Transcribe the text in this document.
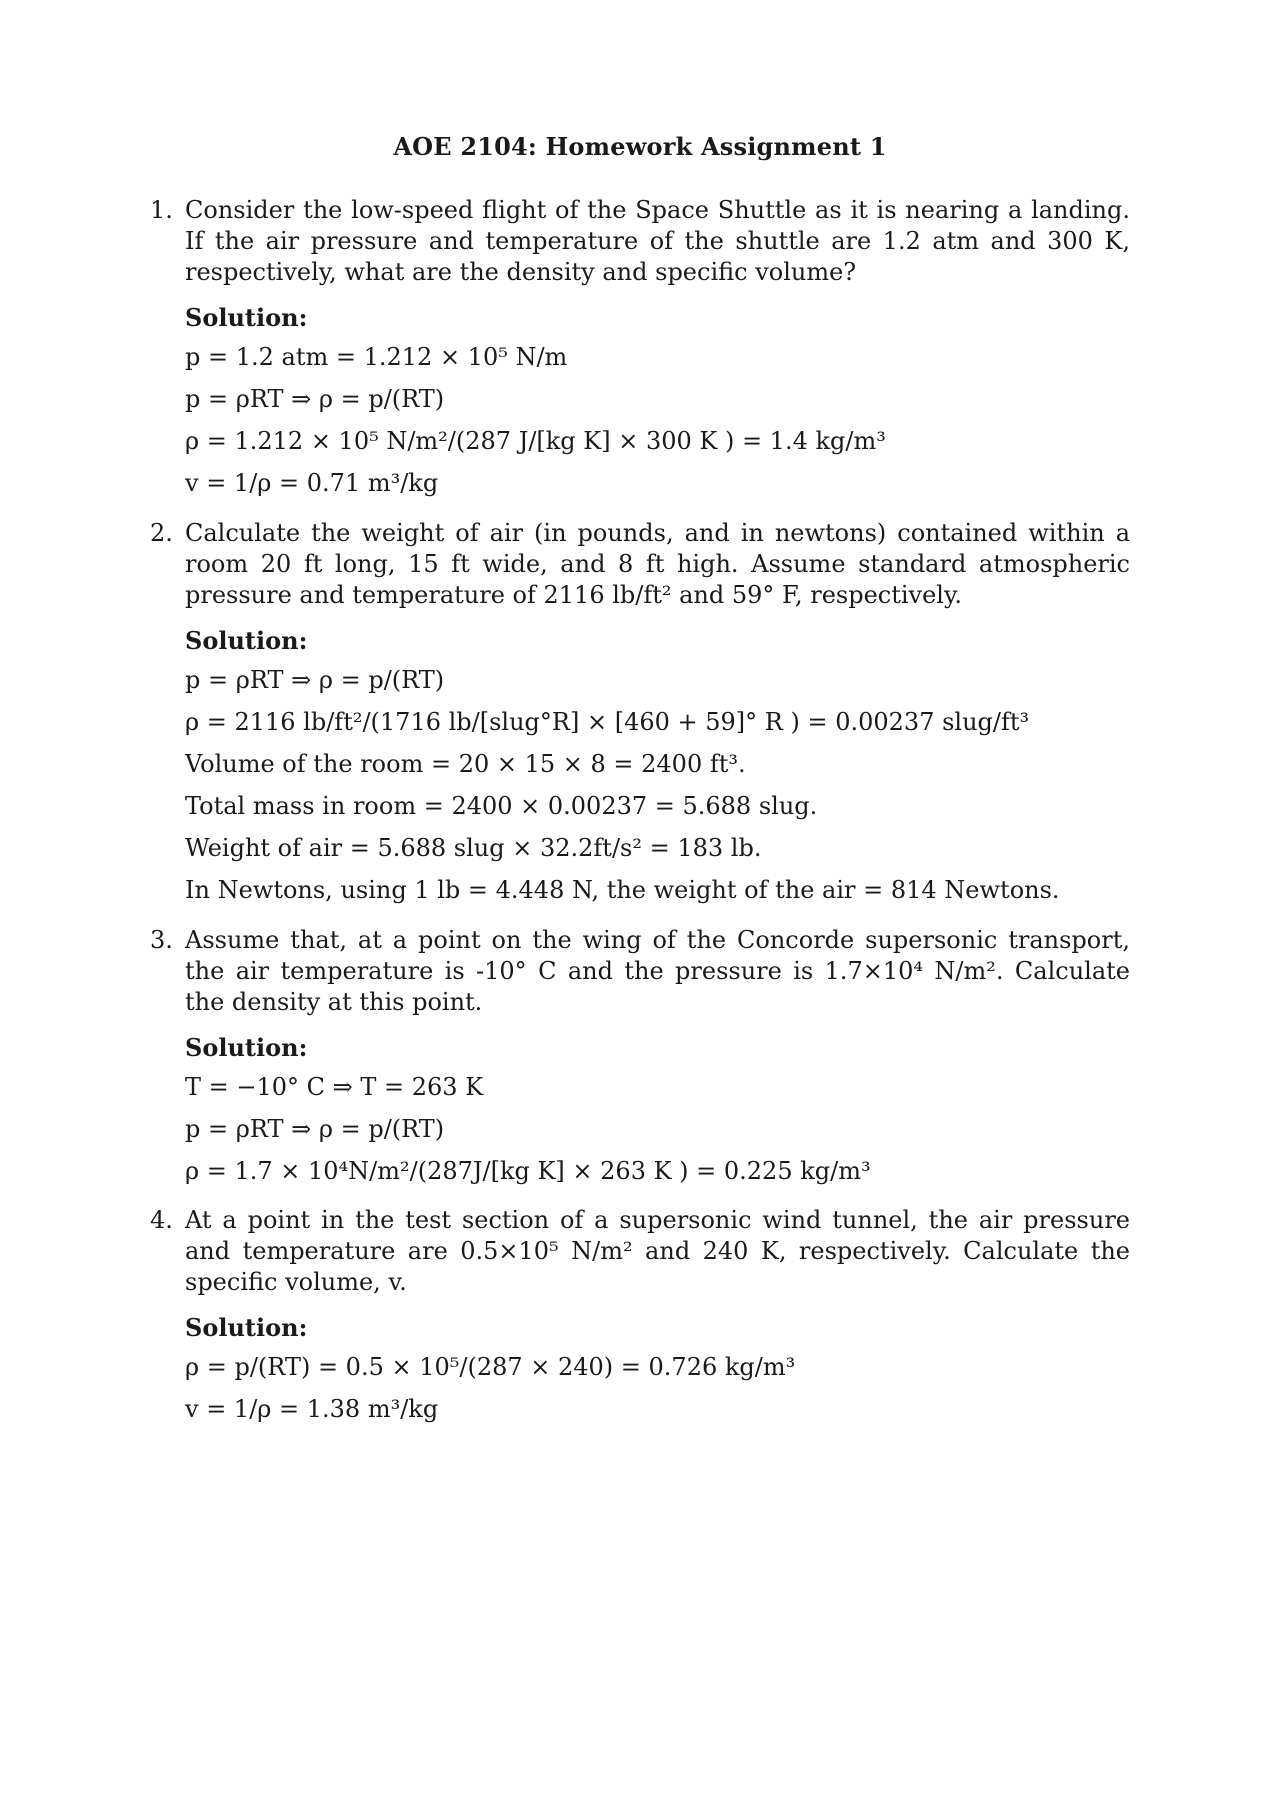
AOE 2104: Homework Assignment 1
1. Consider the low-speed flight of the Space Shuttle as it is nearing a landing. If the air pressure and temperature of the shuttle are 1.2 atm and 300 K, respectively, what are the density and specific volume?

Solution:
p = 1.2 atm = 1.212 × 10⁵ N/m
p = ρRT ⇒ ρ = p/(RT)
ρ = 1.212 × 10⁵ N/m²/(287 J/[kg K] × 300 K ) = 1.4 kg/m³
v = 1/ρ = 0.71 m³/kg
2. Calculate the weight of air (in pounds, and in newtons) contained within a room 20 ft long, 15 ft wide, and 8 ft high. Assume standard atmospheric pressure and temperature of 2116 lb/ft² and 59° F, respectively.

Solution:
p = ρRT ⇒ ρ = p/(RT)
ρ = 2116 lb/ft²/(1716 lb/[slug°R] × [460 + 59]° R ) = 0.00237 slug/ft³
Volume of the room = 20 × 15 × 8 = 2400 ft³.
Total mass in room = 2400 × 0.00237 = 5.688 slug.
Weight of air = 5.688 slug × 32.2ft/s² = 183 lb.
In Newtons, using 1 lb = 4.448 N, the weight of the air = 814 Newtons.
3. Assume that, at a point on the wing of the Concorde supersonic transport, the air temperature is -10° C and the pressure is 1.7×10⁴ N/m². Calculate the density at this point.

Solution:
T = −10° C ⇒ T = 263 K
p = ρRT ⇒ ρ = p/(RT)
ρ = 1.7 × 10⁴N/m²/(287J/[kg K] × 263 K ) = 0.225 kg/m³
4. At a point in the test section of a supersonic wind tunnel, the air pressure and temperature are 0.5×10⁵ N/m² and 240 K, respectively. Calculate the specific volume, v.

Solution:
ρ = p/(RT) = 0.5 × 10⁵/(287 × 240) = 0.726 kg/m³
v = 1/ρ = 1.38 m³/kg
